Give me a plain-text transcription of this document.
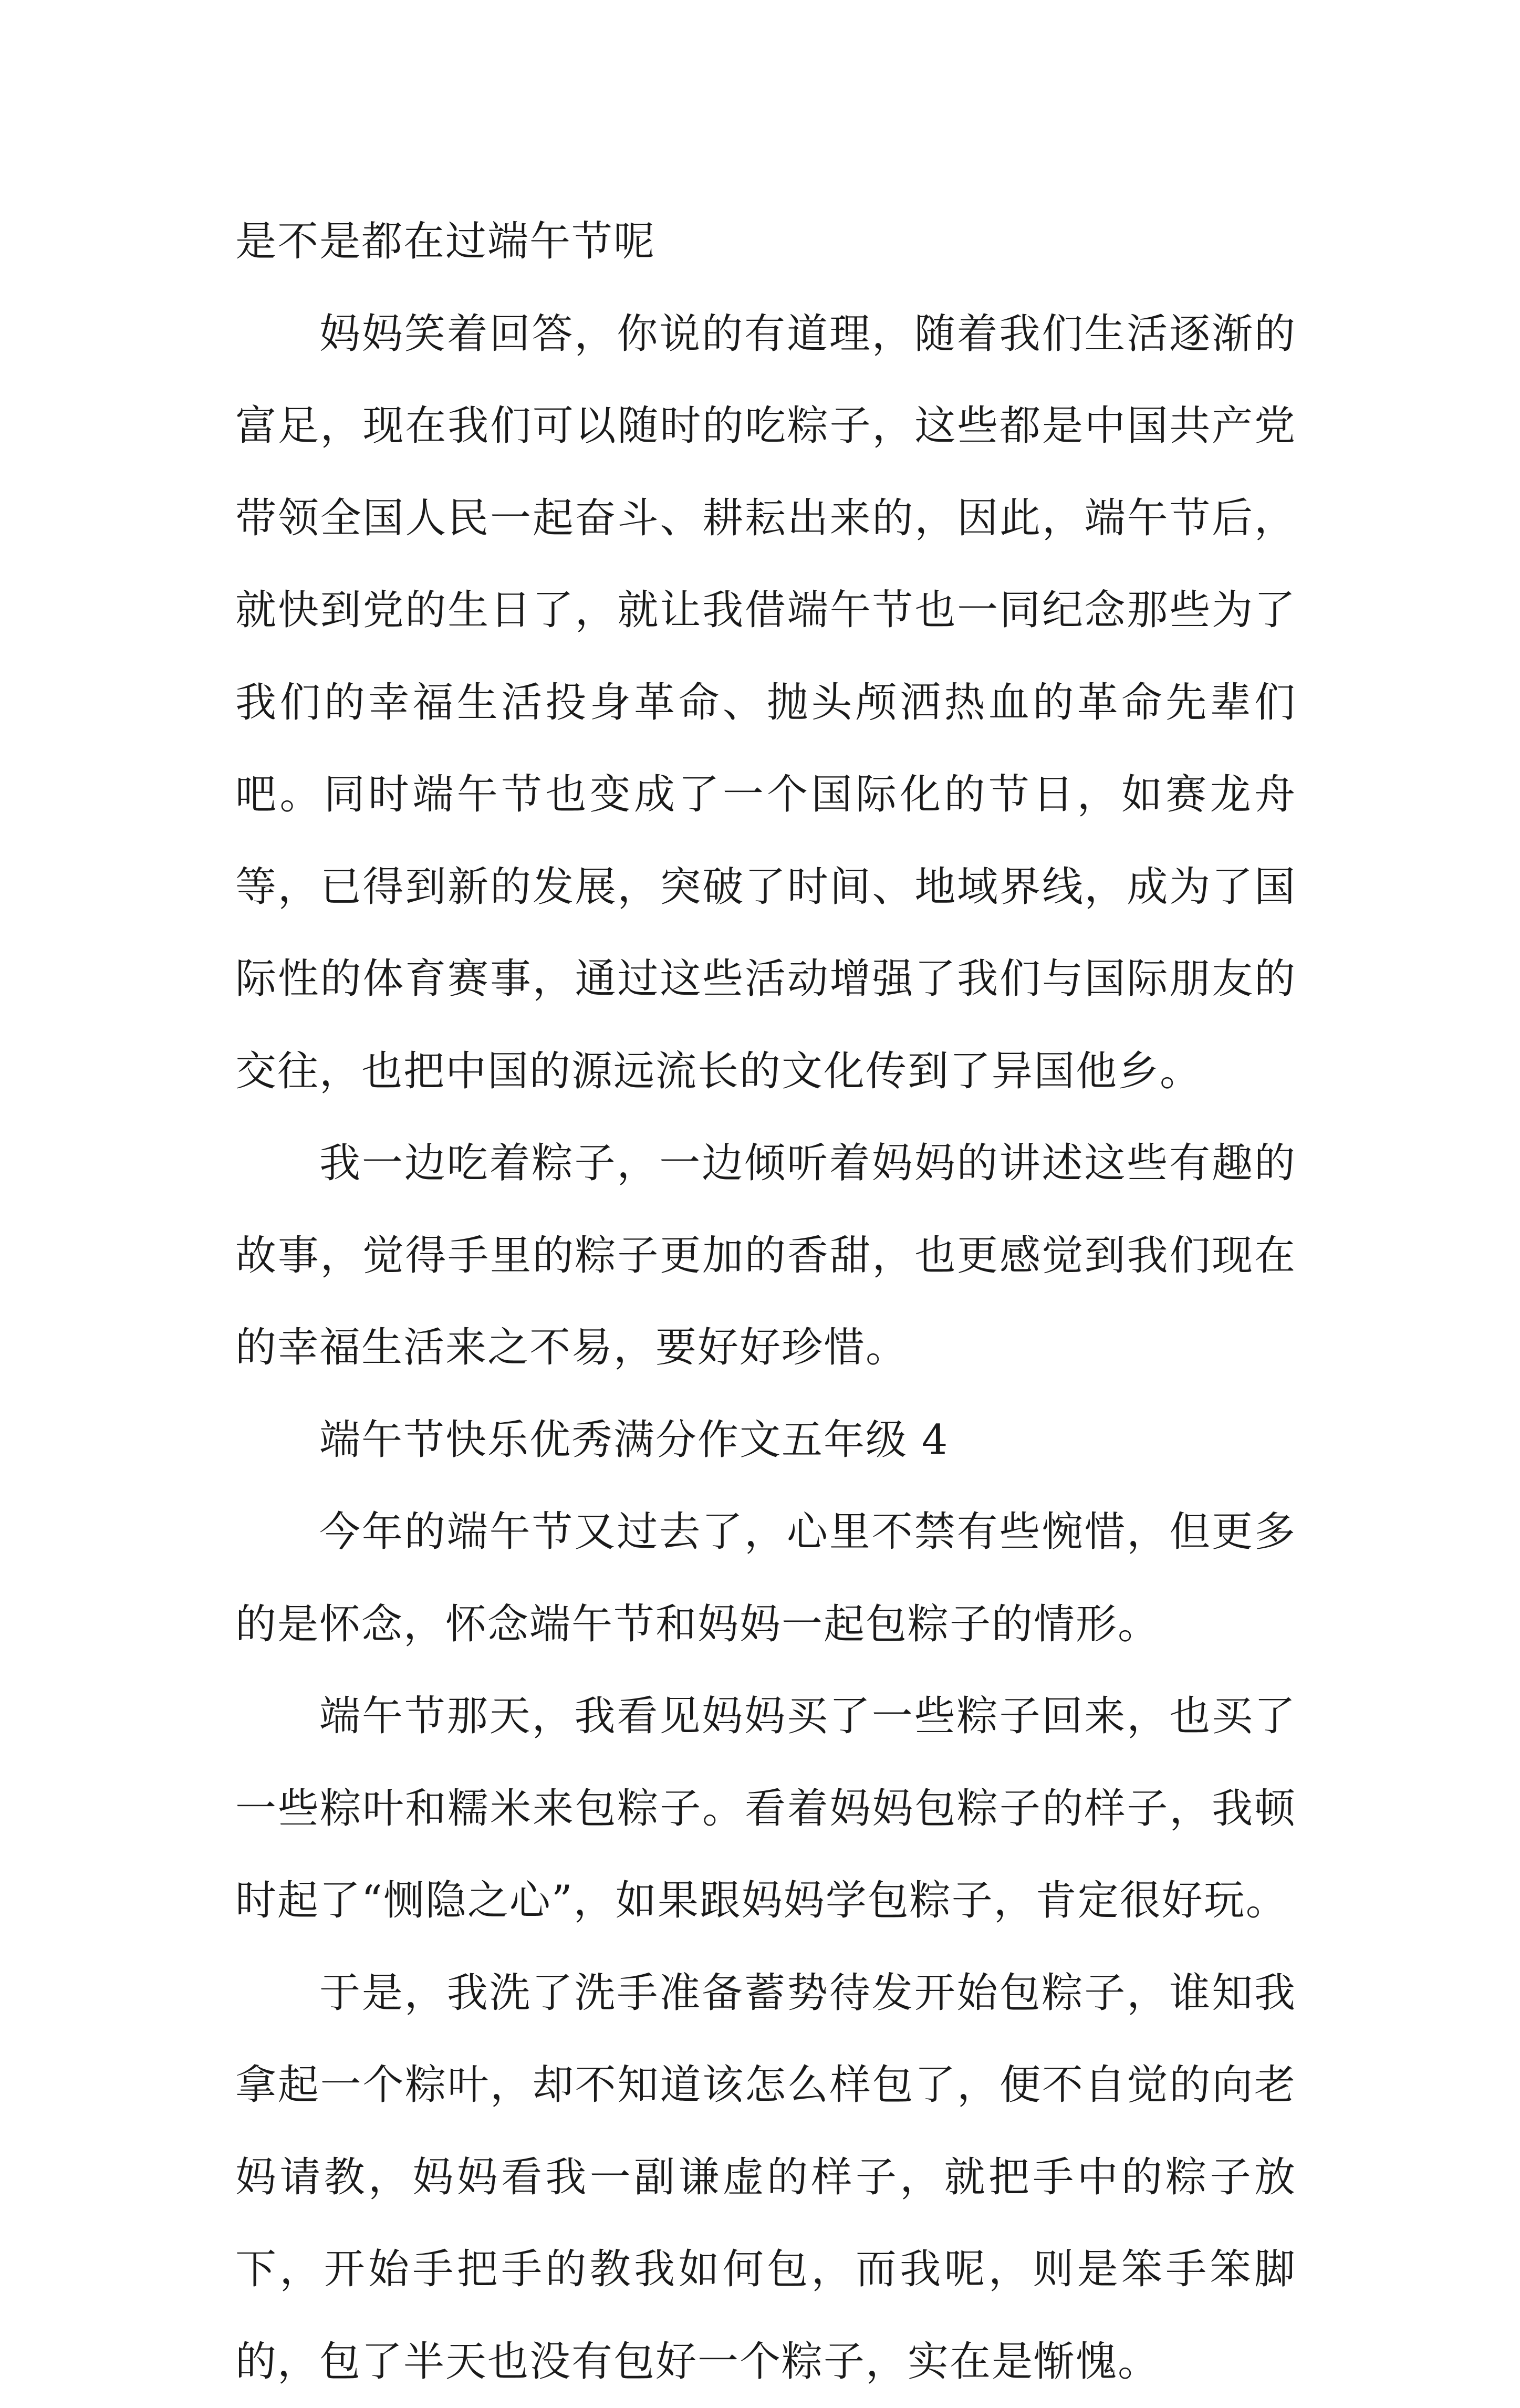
是不是都在过端午节呢

妈妈笑着回答，你说的有道理，随着我们生活逐渐的富足，现在我们可以随时的吃粽子，这些都是中国共产党带领全国人民一起奋斗、耕耘出来的，因此，端午节后，就快到党的生日了，就让我借端午节也一同纪念那些为了我们的幸福生活投身革命、抛头颅洒热血的革命先辈们吧。同时端午节也变成了一个国际化的节日，如赛龙舟等，已得到新的发展，突破了时间、地域界线，成为了国际性的体育赛事，通过这些活动增强了我们与国际朋友的交往，也把中国的源远流长的文化传到了异国他乡。

我一边吃着粽子，一边倾听着妈妈的讲述这些有趣的故事，觉得手里的粽子更加的香甜，也更感觉到我们现在的幸福生活来之不易，要好好珍惜。

端午节快乐优秀满分作文五年级 4

今年的端午节又过去了，心里不禁有些惋惜，但更多的是怀念，怀念端午节和妈妈一起包粽子的情形。

端午节那天，我看见妈妈买了一些粽子回来，也买了一些粽叶和糯米来包粽子。看着妈妈包粽子的样子，我顿时起了“恻隐之心”，如果跟妈妈学包粽子，肯定很好玩。

于是，我洗了洗手准备蓄势待发开始包粽子，谁知我拿起一个粽叶，却不知道该怎么样包了，便不自觉的向老妈请教，妈妈看我一副谦虚的样子，就把手中的粽子放下，开始手把手的教我如何包，而我呢，则是笨手笨脚的，包了半天也没有包好一个粽子，实在是惭愧。
